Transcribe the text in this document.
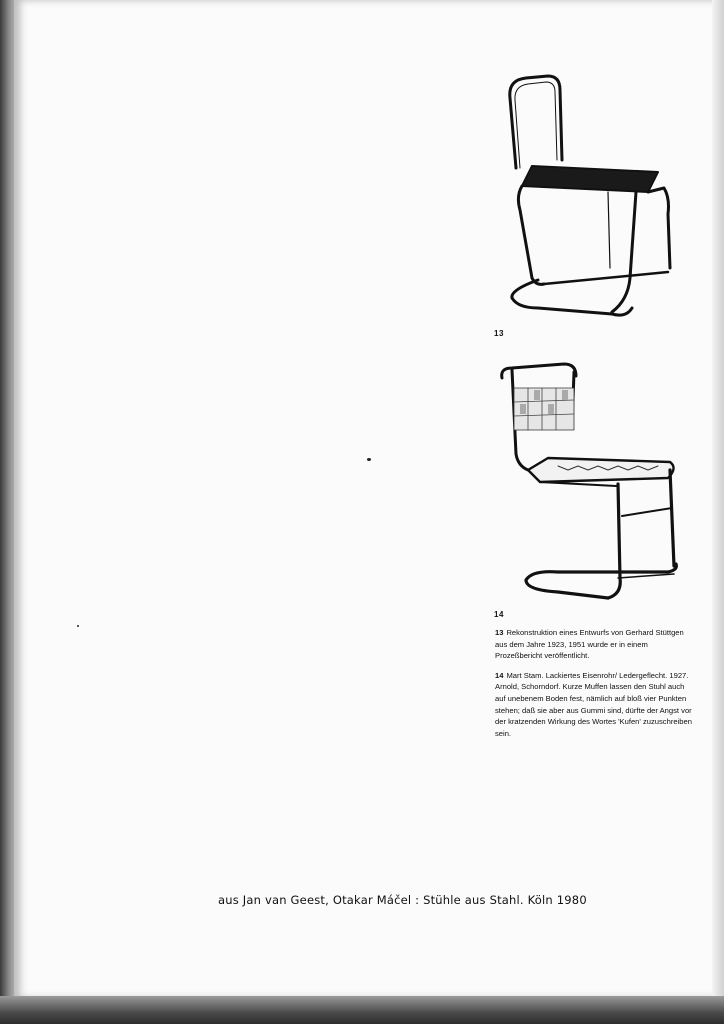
13
14

13 Rekonstruktion eines Entwurfs von Gerhard Stüttgen aus dem Jahre 1923, 1951 wurde er in einem Prozeßbericht veröffentlicht.

14 Mart Stam. Lackiertes Eisenrohr/ Ledergeflecht. 1927. Arnold, Schorndorf. Kurze Muffen lassen den Stuhl auch auf unebenem Boden fest, nämlich auf bloß vier Punkten stehen; daß sie aber aus Gummi sind, dürfte der Angst vor der kratzenden Wirkung des Wortes 'Kufen' zuzuschreiben sein.

aus Jan van Geest, Otakar Máčel : Stühle aus Stahl. Köln 1980
